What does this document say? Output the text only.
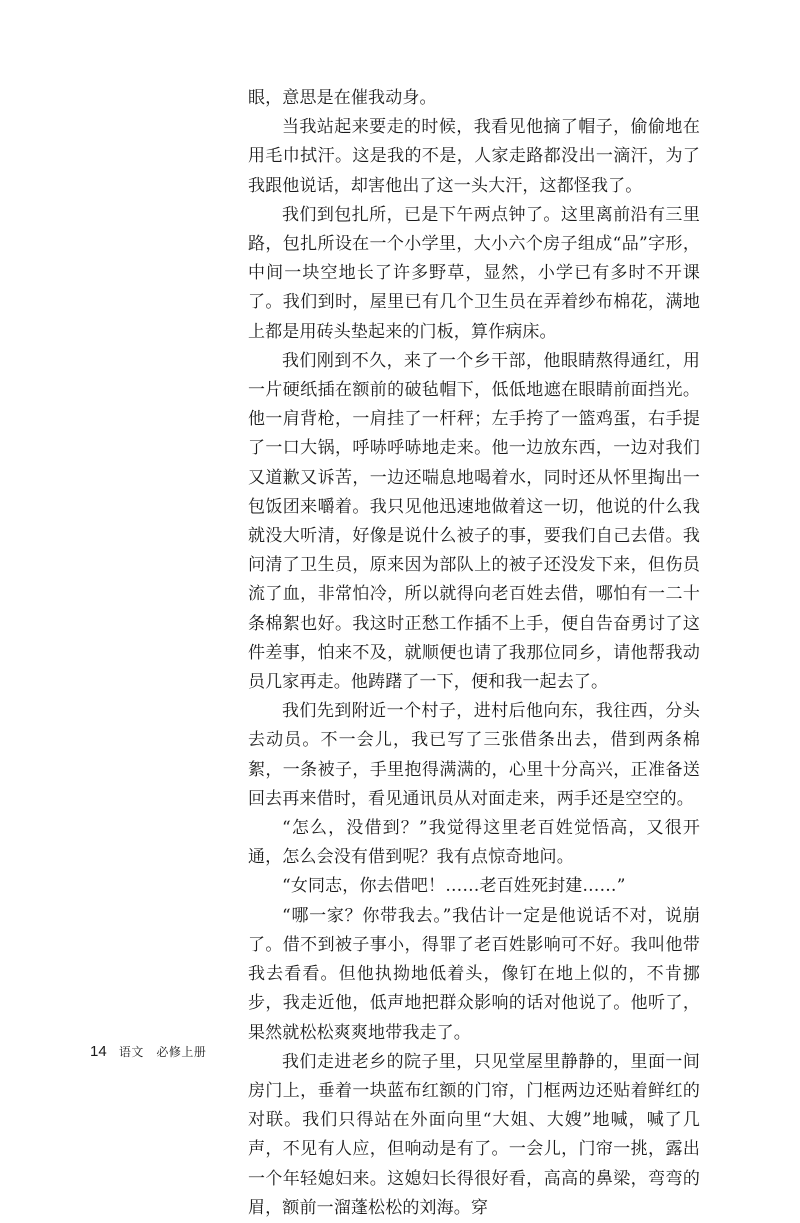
眼，意思是在催我动身。

当我站起来要走的时候，我看见他摘了帽子，偷偷地在用毛巾拭汗。这是我的不是，人家走路都没出一滴汗，为了我跟他说话，却害他出了这一头大汗，这都怪我了。

我们到包扎所，已是下午两点钟了。这里离前沿有三里路，包扎所设在一个小学里，大小六个房子组成“品”字形，中间一块空地长了许多野草，显然，小学已有多时不开课了。我们到时，屋里已有几个卫生员在弄着纱布棉花，满地上都是用砖头垫起来的门板，算作病床。

我们刚到不久，来了一个乡干部，他眼睛熬得通红，用一片硬纸插在额前的破毡帽下，低低地遮在眼睛前面挡光。他一肩背枪，一肩挂了一杆秤；左手挎了一篮鸡蛋，右手提了一口大锅，呼哧呼哧地走来。他一边放东西，一边对我们又道歉又诉苦，一边还喘息地喝着水，同时还从怀里掏出一包饭团来嚼着。我只见他迅速地做着这一切，他说的什么我就没大听清，好像是说什么被子的事，要我们自己去借。我问清了卫生员，原来因为部队上的被子还没发下来，但伤员流了血，非常怕冷，所以就得向老百姓去借，哪怕有一二十条棉絮也好。我这时正愁工作插不上手，便自告奋勇讨了这件差事，怕来不及，就顺便也请了我那位同乡，请他帮我动员几家再走。他踌躇了一下，便和我一起去了。

我们先到附近一个村子，进村后他向东，我往西，分头去动员。不一会儿，我已写了三张借条出去，借到两条棉絮，一条被子，手里抱得满满的，心里十分高兴，正准备送回去再来借时，看见通讯员从对面走来，两手还是空空的。

“怎么，没借到？”我觉得这里老百姓觉悟高，又很开通，怎么会没有借到呢？我有点惊奇地问。

“女同志，你去借吧！……老百姓死封建……”

“哪一家？你带我去。”我估计一定是他说话不对，说崩了。借不到被子事小，得罪了老百姓影响可不好。我叫他带我去看看。但他执拗地低着头，像钉在地上似的，不肯挪步，我走近他，低声地把群众影响的话对他说了。他听了，果然就松松爽爽地带我走了。

我们走进老乡的院子里，只见堂屋里静静的，里面一间房门上，垂着一块蓝布红额的门帘，门框两边还贴着鲜红的对联。我们只得站在外面向里“大姐、大嫂”地喊，喊了几声，不见有人应，但响动是有了。一会儿，门帘一挑，露出一个年轻媳妇来。这媳妇长得很好看，高高的鼻梁，弯弯的眉，额前一溜蓬松松的刘海。穿

14 语文　必修上册
